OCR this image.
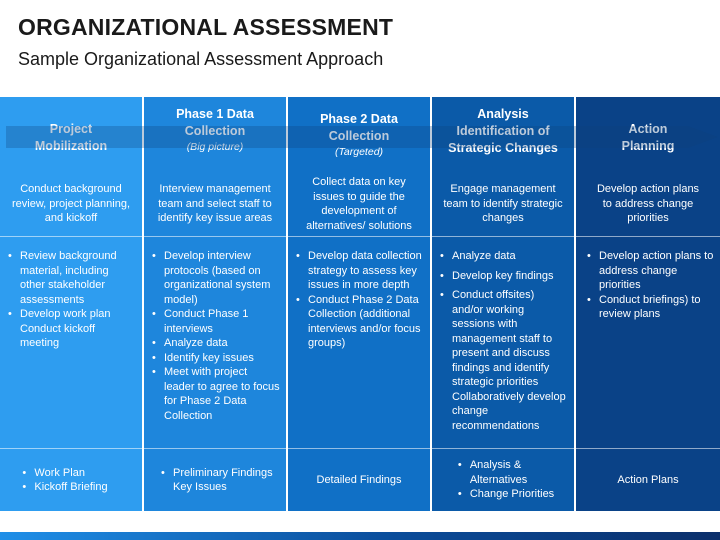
ORGANIZATIONAL ASSESSMENT
Sample Organizational Assessment Approach
Project
Mobilization
Conduct background review, project planning, and kickoff
• Review background material, including other stakeholder assessments
• Develop work plan Conduct kickoff meeting
• Work Plan
• Kickoff Briefing
Phase 1 Data
Collection
(Big picture)
Interview management team and select staff to identify key issue areas
• Develop interview protocols (based on organizational system model)
• Conduct Phase 1 interviews
• Analyze data
• Identify key issues
• Meet with project leader to agree to focus for Phase 2 Data Collection
• Preliminary Findings Key Issues
Phase 2 Data
Collection
(Targeted)
Collect data on key issues to guide the development of alternatives/ solutions
• Develop data collection strategy to assess key issues in more depth
• Conduct Phase 2 Data Collection (additional interviews and/or focus groups)
Detailed Findings
Analysis
Identification of
Strategic Changes
Engage management team to identify strategic changes
• Analyze data
• Develop key findings
• Conduct offsites) and/or working sessions with management staff to present and discuss findings and identify strategic priorities Collaboratively develop change recommendations
• Analysis & Alternatives
• Change Priorities
Action
Planning
Develop action plans to address change priorities
• Develop action plans to address change priorities
• Conduct briefings) to review plans
Action Plans
